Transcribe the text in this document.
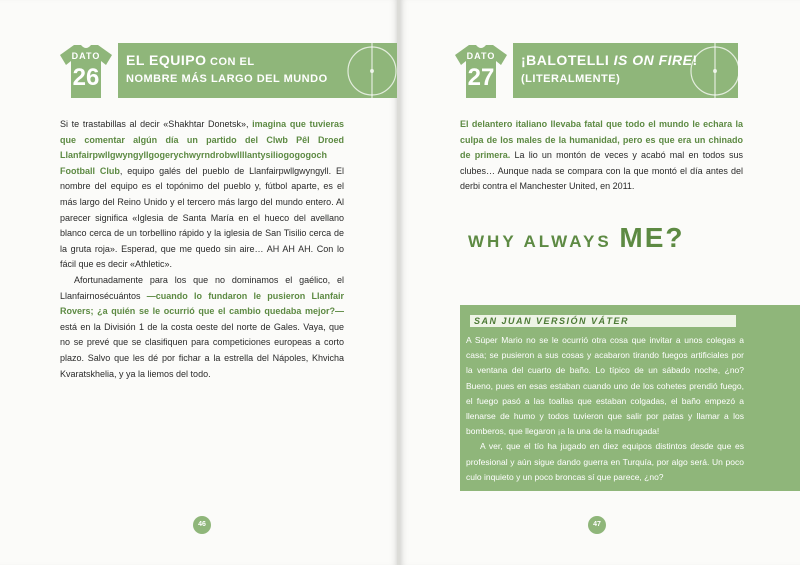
DATO
26
EL EQUIPO CON EL
NOMBRE MÁS LARGO DEL MUNDO

Si te trastabillas al decir «Shakhtar Donetsk», imagina que tuvieras que comentar algún día un partido del Clwb Pêl Droed Llanfairpwllgwyngyllgogerychwyrndrobwllllantysiliogogogoch Football Club, equipo galés del pueblo de Llanfairpwllgwyngyll. El nombre del equipo es el topónimo del pueblo y, fútbol aparte, es el más largo del Reino Unido y el tercero más largo del mundo entero. Al parecer significa «Iglesia de Santa María en el hueco del avellano blanco cerca de un torbellino rápido y la iglesia de San Tisilio cerca de la gruta roja». Esperad, que me quedo sin aire… AH AH AH. Con lo fácil que es decir «Athletic».

Afortunadamente para los que no dominamos el gaélico, el Llanfairnosécuántos —cuando lo fundaron le pusieron Llanfair Rovers; ¿a quién se le ocurrió que el cambio quedaba mejor?— está en la División 1 de la costa oeste del norte de Gales. Vaya, que no se prevé que se clasifiquen para competiciones europeas a corto plazo. Salvo que les dé por fichar a la estrella del Nápoles, Khvicha Kvaratskhelia, y ya la liemos del todo.

46
DATO
27
¡BALOTELLI IS ON FIRE!
(LITERALMENTE)

El delantero italiano llevaba fatal que todo el mundo le echara la culpa de los males de la humanidad, pero es que era un chinado de primera. La lio un montón de veces y acabó mal en todos sus clubes… Aunque nada se compara con la que montó el día antes del derbi contra el Manchester United, en 2011.

WHY ALWAYS ME?
SAN JUAN VERSIÓN VÁTER

A Súper Mario no se le ocurrió otra cosa que invitar a unos colegas a casa; se pusieron a sus cosas y acabaron tirando fuegos artificiales por la ventana del cuarto de baño. Lo típico de un sábado noche, ¿no? Bueno, pues en esas estaban cuando uno de los cohetes prendió fuego, el fuego pasó a las toallas que estaban colgadas, el baño empezó a llenarse de humo y todos tuvieron que salir por patas y llamar a los bomberos, que llegaron ¡a la una de la madrugada!

A ver, que el tío ha jugado en diez equipos distintos desde que es profesional y aún sigue dando guerra en Turquía, por algo será. Un poco culo inquieto y un poco broncas sí que parece, ¿no?

47
